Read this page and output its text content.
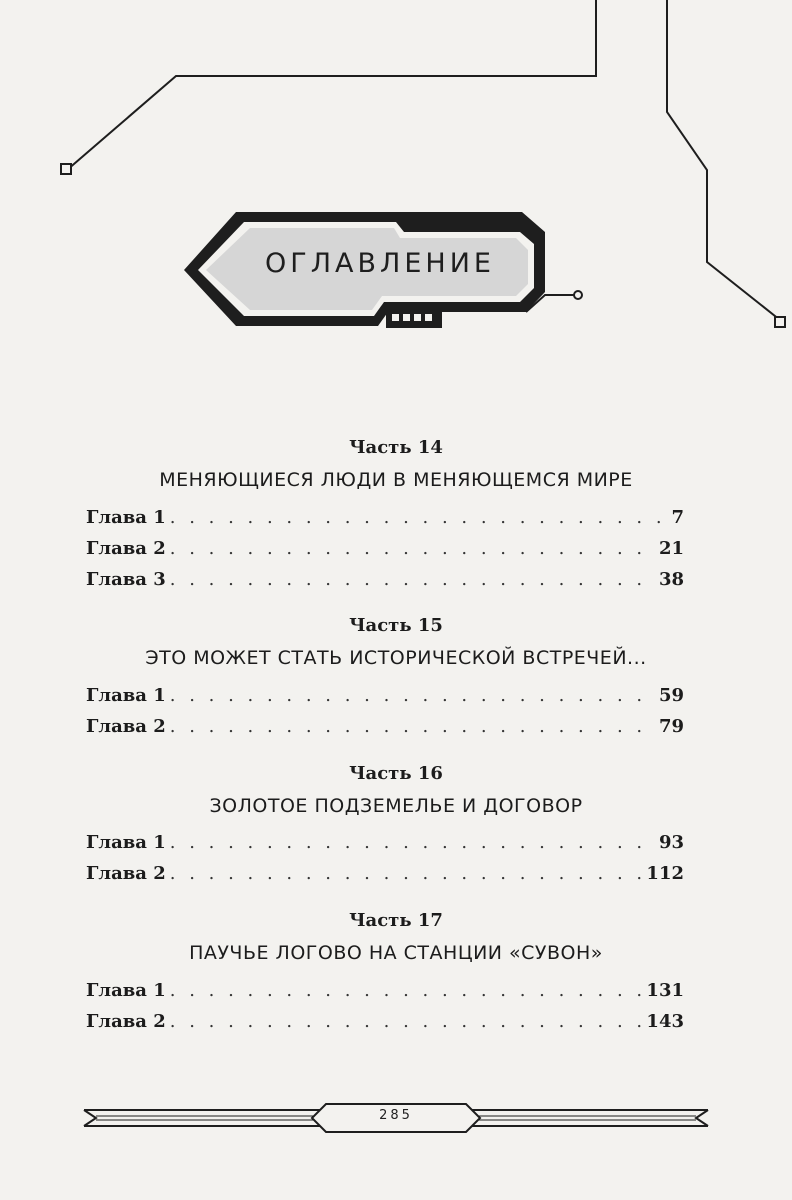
ОГЛАВЛЕНИЕ
Часть 14
МЕНЯЮЩИЕСЯ ЛЮДИ В МЕНЯЮЩЕМСЯ МИРЕ
Глава 1 . . .	7
Глава 2 . . .	21
Глава 3 . . .	38
Часть 15
ЭТО МОЖЕТ СТАТЬ ИСТОРИЧЕСКОЙ ВСТРЕЧЕЙ...
Глава 1 . . .	59
Глава 2 . . .	79
Часть 16
ЗОЛОТОЕ ПОДЗЕМЕЛЬЕ И ДОГОВОР
Глава 1 . . .	93
Глава 2 . . .	112
Часть 17
ПАУЧЬЕ ЛОГОВО НА СТАНЦИИ «СУВОН»
Глава 1 . . .	131
Глава 2 . . .	143
285
